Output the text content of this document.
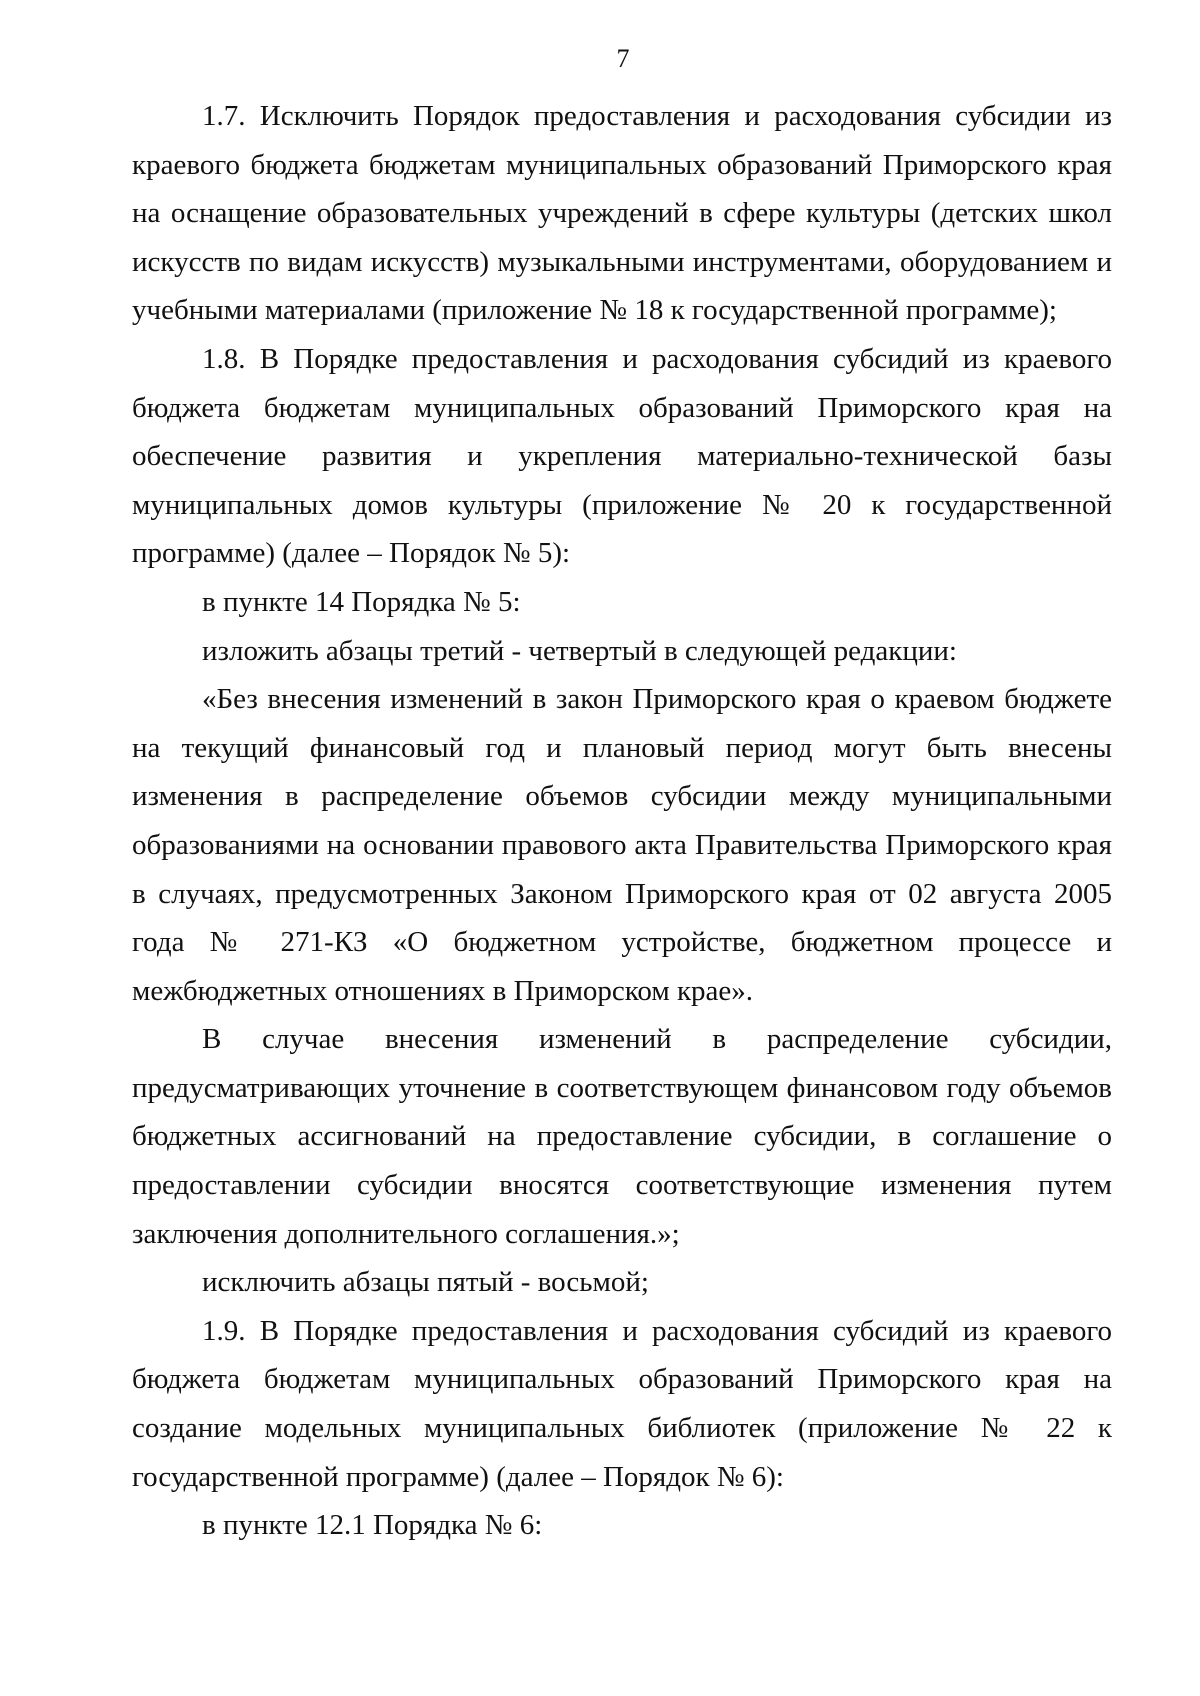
7

1.7. Исключить Порядок предоставления и расходования субсидии из краевого бюджета бюджетам муниципальных образований Приморского края на оснащение образовательных учреждений в сфере культуры (детских школ искусств по видам искусств) музыкальными инструментами, оборудованием и учебными материалами (приложение № 18 к государственной программе);

1.8. В Порядке предоставления и расходования субсидий из краевого бюджета бюджетам муниципальных образований Приморского края на обеспечение развития и укрепления материально-технической базы муниципальных домов культуры (приложение № 20 к государственной программе) (далее – Порядок № 5):

в пункте 14 Порядка № 5:

изложить абзацы третий - четвертый в следующей редакции:

«Без внесения изменений в закон Приморского края о краевом бюджете на текущий финансовый год и плановый период могут быть внесены изменения в распределение объемов субсидии между муниципальными образованиями на основании правового акта Правительства Приморского края в случаях, предусмотренных Законом Приморского края от 02 августа 2005 года № 271-КЗ «О бюджетном устройстве, бюджетном процессе и межбюджетных отношениях в Приморском крае».

В случае внесения изменений в распределение субсидии, предусматривающих уточнение в соответствующем финансовом году объемов бюджетных ассигнований на предоставление субсидии, в соглашение о предоставлении субсидии вносятся соответствующие изменения путем заключения дополнительного соглашения.»;

исключить абзацы пятый - восьмой;

1.9. В Порядке предоставления и расходования субсидий из краевого бюджета бюджетам муниципальных образований Приморского края на создание модельных муниципальных библиотек (приложение № 22 к государственной программе) (далее – Порядок № 6):

в пункте 12.1 Порядка № 6:
